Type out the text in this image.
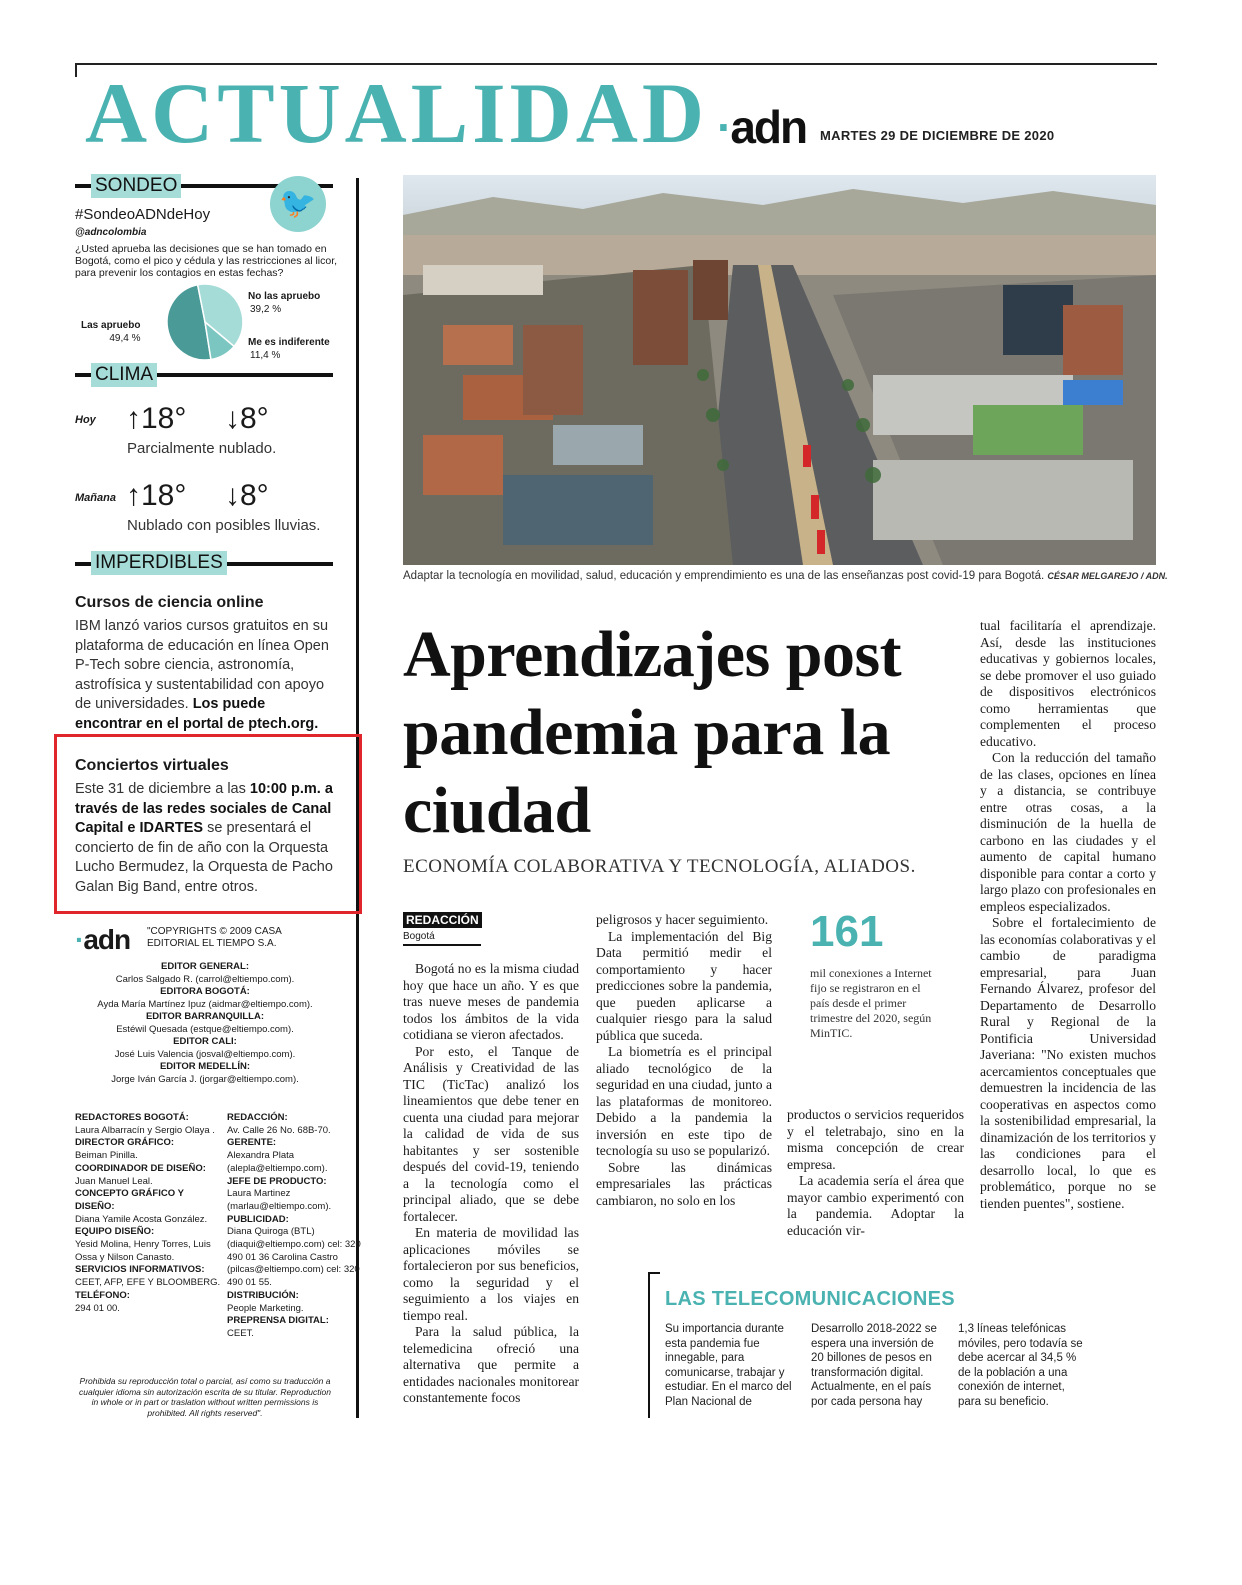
ACTUALIDAD ·adn MARTES 29 DE DICIEMBRE DE 2020
SONDEO
🐦
#SondeoADNdeHoy
@adncolombia
¿Usted aprueba las decisiones que se han tomado en Bogotá, como el pico y cédula y las restricciones al licor, para prevenir los contagios en estas fechas?
No las apruebo
39,2 %
Las apruebo
49,4 %	Me es indiferente
11,4 %
CLIMA
Hoy ↑18° ↓8°
Parcialmente nublado.
Mañana ↑18° ↓8°
Nublado con posibles lluvias.
IMPERDIBLES
Cursos de ciencia online
IBM lanzó varios cursos gratuitos en su plataforma de educación en línea Open P-Tech sobre ciencia, astronomía, astrofísica y sustentabilidad con apoyo de universidades. Los puede encontrar en el portal de ptech.org.
Conciertos virtuales
Este 31 de diciembre a las 10:00 p.m. a través de las redes sociales de Canal Capital e IDARTES se presentará el concierto de fin de año con la Orquesta Lucho Bermudez, la Orquesta de Pacho Galan Big Band, entre otros.
·adn "COPYRIGHTS © 2009 CASA EDITORIAL EL TIEMPO S.A.
EDITOR GENERAL:
Carlos Salgado R. (carrol@eltiempo.com).
EDITORA BOGOTÁ:
Ayda María Martínez Ipuz (aidmar@eltiempo.com).
EDITOR BARRANQUILLA:
Estéwil Quesada (estque@eltiempo.com).
EDITOR CALI:
José Luis Valencia (josval@eltiempo.com).
EDITOR MEDELLÍN:
Jorge Iván García J. (jorgar@eltiempo.com).
REDACTORES BOGOTÁ:
Laura Albarracín y Sergio Olaya .
DIRECTOR GRÁFICO:
Beiman Pinilla.
COORDINADOR DE DISEÑO:
Juan Manuel Leal.
CONCEPTO GRÁFICO Y DISEÑO:
Diana Yamile Acosta González.
EQUIPO DISEÑO:
Yesid Molina, Henry Torres, Luis Ossa y Nilson Canasto.
SERVICIOS INFORMATIVOS:
CEET, AFP, EFE Y BLOOMBERG.
TELÉFONO:
294 01 00.
REDACCIÓN:
Av. Calle 26 No. 68B-70.
GERENTE:
Alexandra Plata (alepla@eltiempo.com).
JEFE DE PRODUCTO:
Laura Martinez (marlau@eltiempo.com).
PUBLICIDAD:
Diana Quiroga (BTL) (diaqui@eltiempo.com) cel: 320 490 01 36 Carolina Castro (pilcas@eltiempo.com) cel: 320 490 01 55.
DISTRIBUCIÓN:
People Marketing.
PREPRENSA DIGITAL:
CEET.
Prohibida su reproducción total o parcial, así como su traducción a cualquier idioma sin autorización escrita de su titular. Reproduction in whole or in part or traslation without written permissions is prohibited. All rights reserved".
Adaptar la tecnología en movilidad, salud, educación y emprendimiento es una de las enseñanzas post covid-19 para Bogotá. CÉSAR MELGAREJO / ADN.
Aprendizajes post pandemia para la ciudad
ECONOMÍA COLABORATIVA Y TECNOLOGÍA, ALIADOS.
REDACCIÓN
Bogotá

Bogotá no es la misma ciudad hoy que hace un año. Y es que tras nueve meses de pandemia todos los ámbitos de la vida cotidiana se vieron afectados.

Por esto, el Tanque de Análisis y Creatividad de las TIC (TicTac) analizó los lineamientos que debe tener en cuenta una ciudad para mejorar la calidad de vida de sus habitantes y ser sostenible después del covid-19, teniendo a la tecnología como el principal aliado, que se debe fortalecer.

En materia de movilidad las aplicaciones móviles se fortalecieron por sus beneficios, como la seguridad y el seguimiento a los viajes en tiempo real.

Para la salud pública, la telemedicina ofreció una alternativa que permite a entidades nacionales monitorear constantemente focos

peligrosos y hacer seguimiento.

La implementación del Big Data permitió medir el comportamiento y hacer predicciones sobre la pandemia, que pueden aplicarse a cualquier riesgo para la salud pública que suceda.

La biometría es el principal aliado tecnológico de la seguridad en una ciudad, junto a las plataformas de monitoreo. Debido a la pandemia la inversión en este tipo de tecnología su uso se popularizó.

Sobre las dinámicas empresariales las prácticas cambiaron, no solo en los

161
mil conexiones a Internet fijo se registraron en el país desde el primer trimestre del 2020, según MinTIC.

productos o servicios requeridos y el teletrabajo, sino en la misma concepción de crear empresa.

La academia sería el área que mayor cambio experimentó con la pandemia. Adoptar la educación vir-

tual facilitaría el aprendizaje. Así, desde las instituciones educativas y gobiernos locales, se debe promover el uso guiado de dispositivos electrónicos como herramientas que complementen el proceso educativo.

Con la reducción del tamaño de las clases, opciones en línea y a distancia, se contribuye entre otras cosas, a la disminución de la huella de carbono en las ciudades y el aumento de capital humano disponible para contar a corto y largo plazo con profesionales en empleos especializados.

Sobre el fortalecimiento de las economías colaborativas y el cambio de paradigma empresarial, para Juan Fernando Álvarez, profesor del Departamento de Desarrollo Rural y Regional de la Pontificia Universidad Javeriana: "No existen muchos acercamientos conceptuales que demuestren la incidencia de las cooperativas en aspectos como la sostenibilidad empresarial, la dinamización de los territorios y las condiciones para el desarrollo local, lo que es problemático, porque no se tienden puentes", sostiene.

LAS TELECOMUNICACIONES
Su importancia durante esta pandemia fue innegable, para comunicarse, trabajar y estudiar. En el marco del Plan Nacional de
Desarrollo 2018-2022 se espera una inversión de 20 billones de pesos en transformación digital. Actualmente, en el país por cada persona hay
1,3 líneas telefónicas móviles, pero todavía se debe acercar al 34,5 % de la población a una conexión de internet, para su beneficio.
